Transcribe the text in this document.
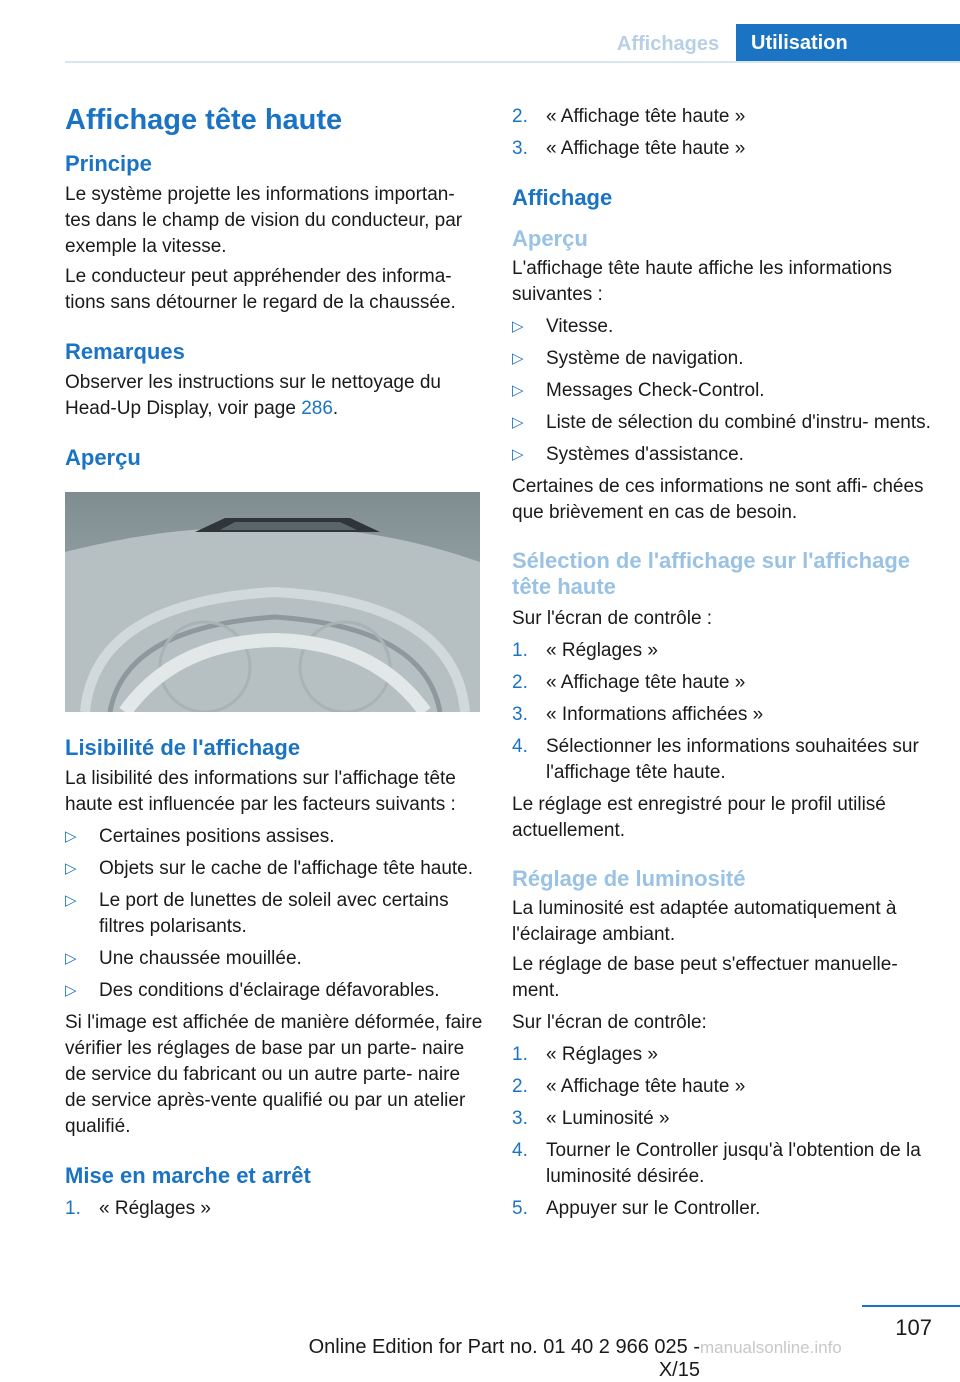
Affichages	Utilisation
Affichage tête haute
Principe

Le système projette les informations importan‐ tes dans le champ de vision du conducteur, par exemple la vitesse.

Le conducteur peut appréhender des informa‐ tions sans détourner le regard de la chaussée.

Remarques

Observer les instructions sur le nettoyage du Head-Up Display, voir page 286.

Aperçu
Lisibilité de l'affichage

La lisibilité des informations sur l'affichage tête haute est influencée par les facteurs suivants :

▷ Certaines positions assises.
▷ Objets sur le cache de l'affichage tête haute.
▷ Le port de lunettes de soleil avec certains filtres polarisants.
▷ Une chaussée mouillée.
▷ Des conditions d'éclairage défavorables.

Si l'image est affichée de manière déformée, faire vérifier les réglages de base par un parte‐ naire de service du fabricant ou un autre parte‐ naire de service après-vente qualifié ou par un atelier qualifié.

Mise en marche et arrêt
1. « Réglages »
2. « Affichage tête haute »
3. « Affichage tête haute »
Affichage
Aperçu

L'affichage tête haute affiche les informations suivantes :

▷ Vitesse.
▷ Système de navigation.
▷ Messages Check-Control.
▷ Liste de sélection du combiné d'instru‐ ments.
▷ Systèmes d'assistance.

Certaines de ces informations ne sont affi‐ chées que brièvement en cas de besoin.

Sélection de l'affichage sur l'affichage tête haute

Sur l'écran de contrôle :

1. « Réglages »
2. « Affichage tête haute »
3. « Informations affichées »
4. Sélectionner les informations souhaitées sur l'affichage tête haute.

Le réglage est enregistré pour le profil utilisé actuellement.

Réglage de luminosité

La luminosité est adaptée automatiquement à l'éclairage ambiant.

Le réglage de base peut s'effectuer manuelle‐ ment.

Sur l'écran de contrôle:

1. « Réglages »
2. « Affichage tête haute »
3. « Luminosité »
4. Tourner le Controller jusqu'à l'obtention de la luminosité désirée.
5. Appuyer sur le Controller.
107
Online Edition for Part no. 01 40 2 966 025 - X/15
manualsonline.info
